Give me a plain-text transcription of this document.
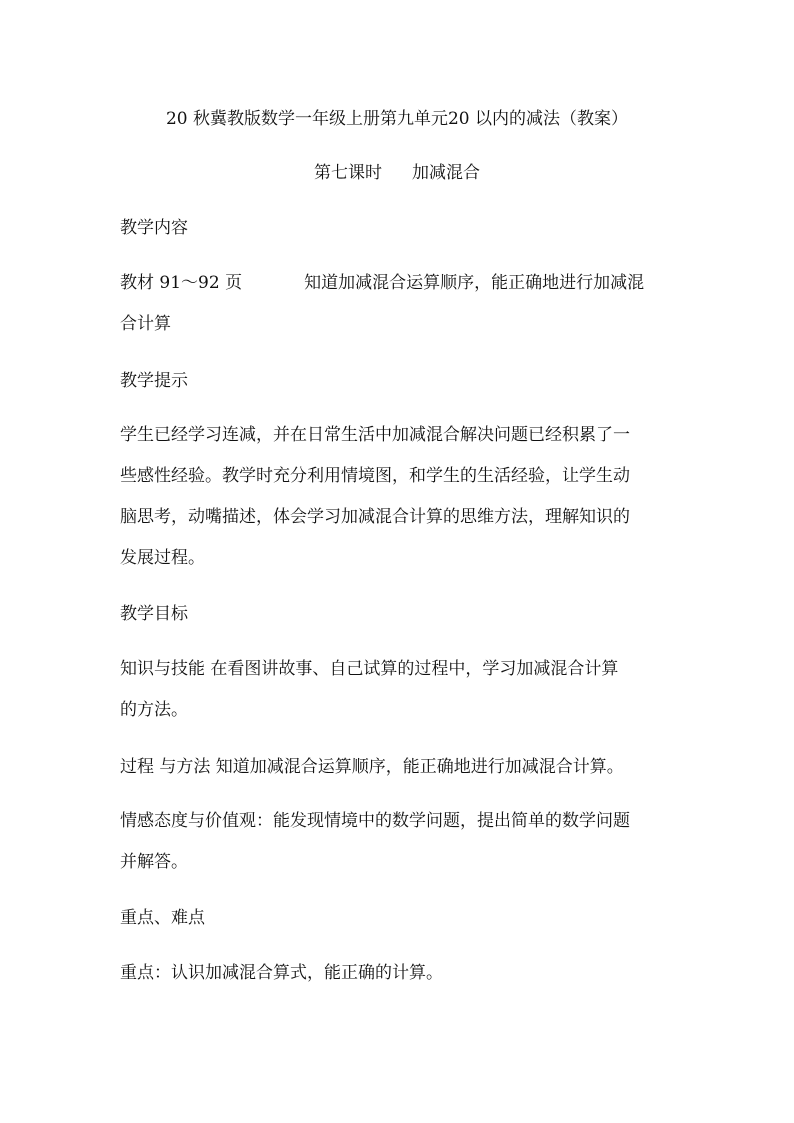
20 秋冀教版数学一年级上册第九单元20 以内的减法（教案）
第七课时 加减混合
教学内容
教材 91～92 页	知道加减混合运算顺序，能正确地进行加减混
合计算
教学提示
学生已经学习连减，并在日常生活中加减混合解决问题已经积累了一
些感性经验。教学时充分利用情境图，和学生的生活经验，让学生动
脑思考，动嘴描述，体会学习加减混合计算的思维方法，理解知识的
发展过程。
教学目标
知识与技能 在看图讲故事、自己试算的过程中，学习加减混合计算
的方法。
过程 与方法 知道加减混合运算顺序，能正确地进行加减混合计算。
情感态度与价值观：能发现情境中的数学问题，提出简单的数学问题
并解答。
重点、难点
重点：认识加减混合算式，能正确的计算。
